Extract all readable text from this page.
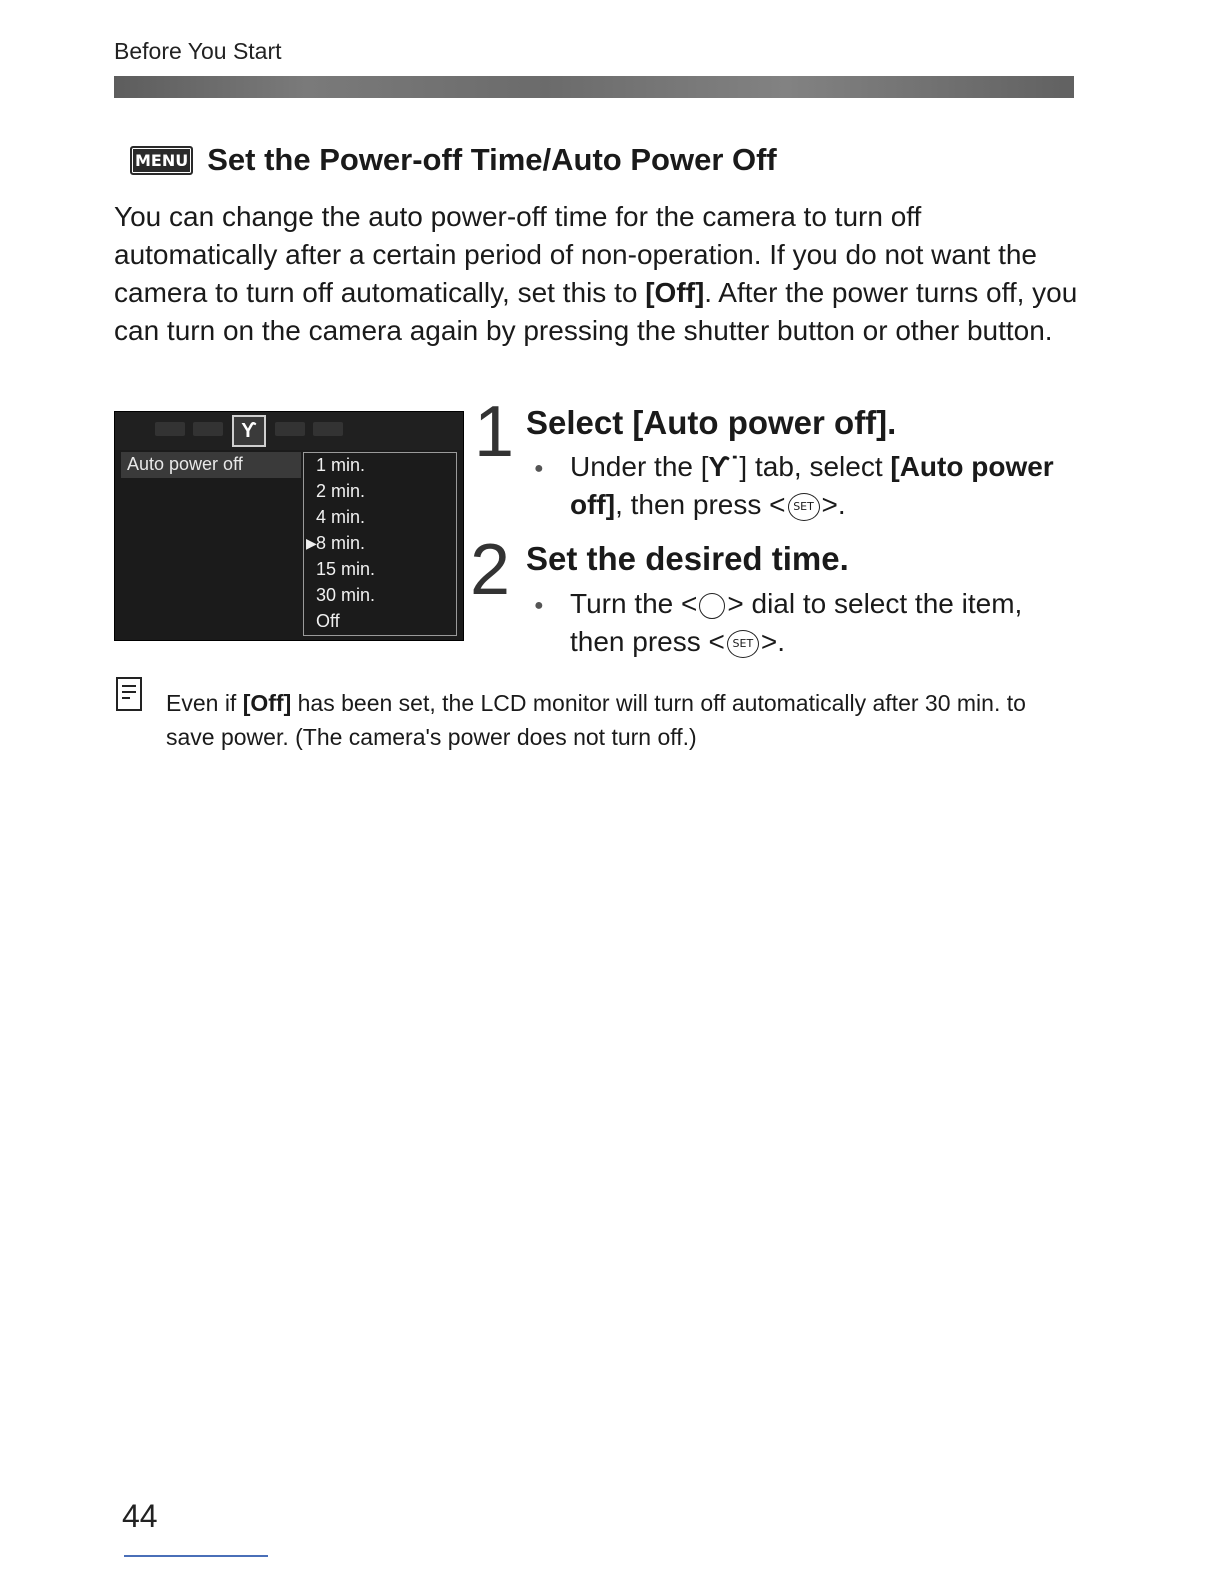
Before You Start
MENU Set the Power-off Time/Auto Power Off
You can change the auto power-off time for the camera to turn off automatically after a certain period of non-operation. If you do not want the camera to turn off automatically, set this to [Off]. After the power turns off, you can turn on the camera again by pressing the shutter button or other button.
ϒ
Auto power off	1 min.
2 min.
4 min.
▶ 8 min.
15 min.
30 min.
Off
1 Select [Auto power off].
● Under the [ϒ˙] tab, select [Auto power off], then press < SET >.
2 Set the desired time.
● Turn the < > dial to select the item, then press < SET >.
Even if [Off] has been set, the LCD monitor will turn off automatically after 30 min. to save power. (The camera's power does not turn off.)
44
